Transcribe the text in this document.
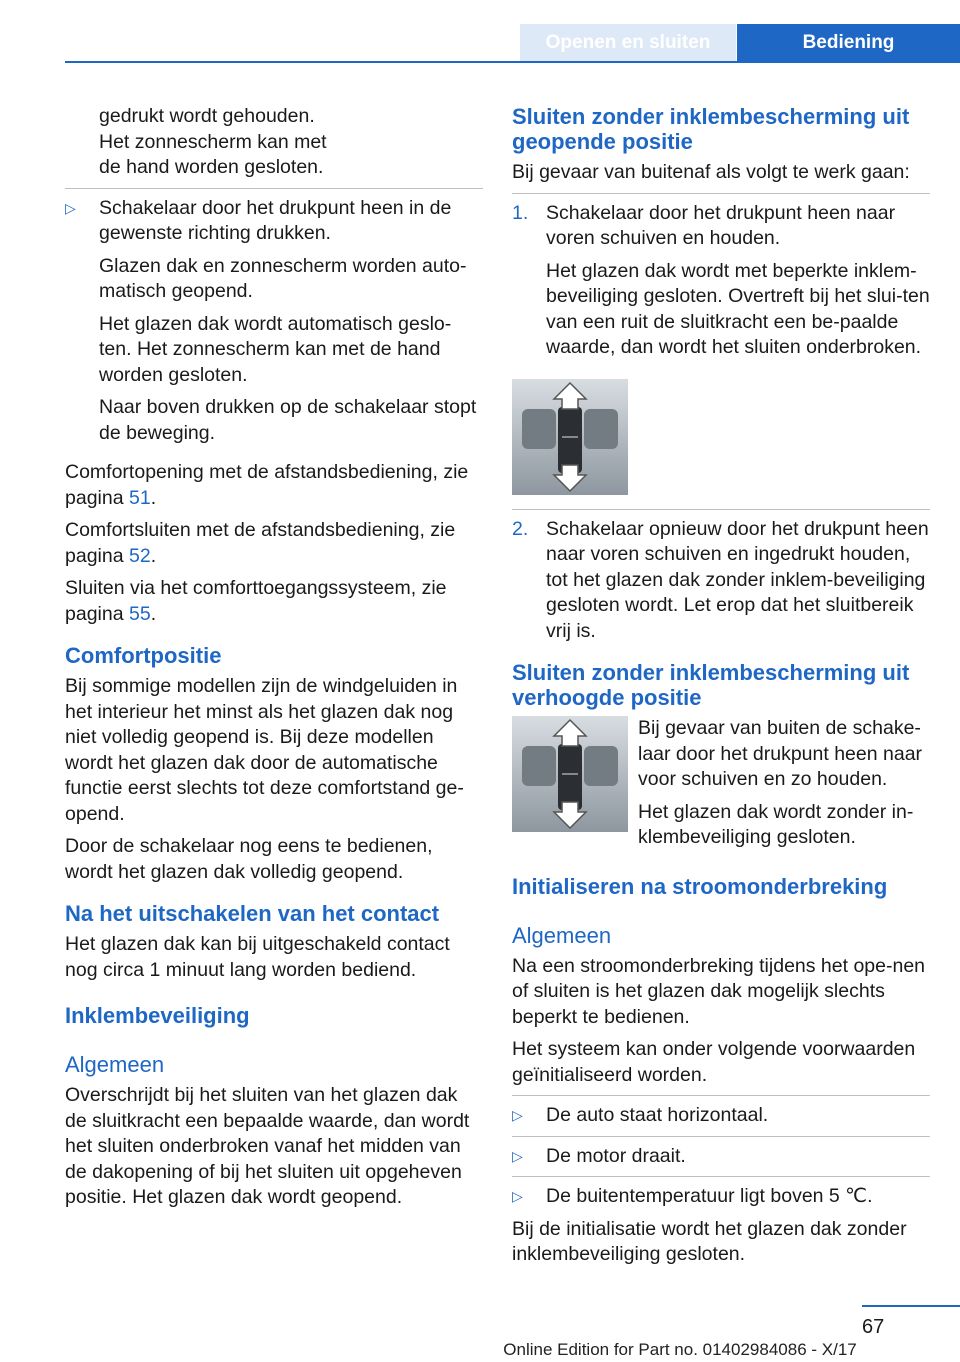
Openen en sluiten	Bediening
gedrukt wordt gehouden.
Het zonnescherm kan met
de hand worden gesloten.
▷ Schakelaar door het drukpunt heen in de gewenste richting drukken.

Glazen dak en zonnescherm worden auto‐matisch geopend.

Het glazen dak wordt automatisch geslo‐ten. Het zonnescherm kan met de hand worden gesloten.

Naar boven drukken op de schakelaar stopt de beweging.

Comfortopening met de afstandsbediening, zie pagina 51.

Comfortsluiten met de afstandsbediening, zie pagina 52.

Sluiten via het comforttoegangssysteem, zie pagina 55.

Comfortpositie

Bij sommige modellen zijn de windgeluiden in het interieur het minst als het glazen dak nog niet volledig geopend is. Bij deze modellen wordt het glazen dak door de automatische functie eerst slechts tot deze comfortstand ge‐opend.

Door de schakelaar nog eens te bedienen, wordt het glazen dak volledig geopend.

Na het uitschakelen van het contact

Het glazen dak kan bij uitgeschakeld contact nog circa 1 minuut lang worden bediend.

Inklembeveiliging
Algemeen

Overschrijdt bij het sluiten van het glazen dak de sluitkracht een bepaalde waarde, dan wordt het sluiten onderbroken vanaf het midden van de dakopening of bij het sluiten uit opgeheven positie. Het glazen dak wordt geopend.

Sluiten zonder inklembescherming uit geopende positie

Bij gevaar van buitenaf als volgt te werk gaan:

1. Schakelaar door het drukpunt heen naar voren schuiven en houden.

Het glazen dak wordt met beperkte inklem‐beveiliging gesloten. Overtreft bij het slui‐ten van een ruit de sluitkracht een be‐paalde waarde, dan wordt het sluiten onderbroken.

2. Schakelaar opnieuw door het drukpunt heen naar voren schuiven en ingedrukt houden, tot het glazen dak zonder inklem‐beveiliging gesloten wordt. Let erop dat het sluitbereik vrij is.

Sluiten zonder inklembescherming uit verhoogde positie

Bij gevaar van buiten de schake‐laar door het drukpunt heen naar voor schuiven en zo houden.

Het glazen dak wordt zonder in‐klembeveiliging gesloten.

Initialiseren na stroomonderbreking
Algemeen

Na een stroomonderbreking tijdens het ope‐nen of sluiten is het glazen dak mogelijk slechts beperkt te bedienen.

Het systeem kan onder volgende voorwaarden geïnitialiseerd worden.

▷ De auto staat horizontaal.
▷ De motor draait.
▷ De buitentemperatuur ligt boven 5 ℃.

Bij de initialisatie wordt het glazen dak zonder inklembeveiliging gesloten.

67
Online Edition for Part no. 01402984086 - X/17
